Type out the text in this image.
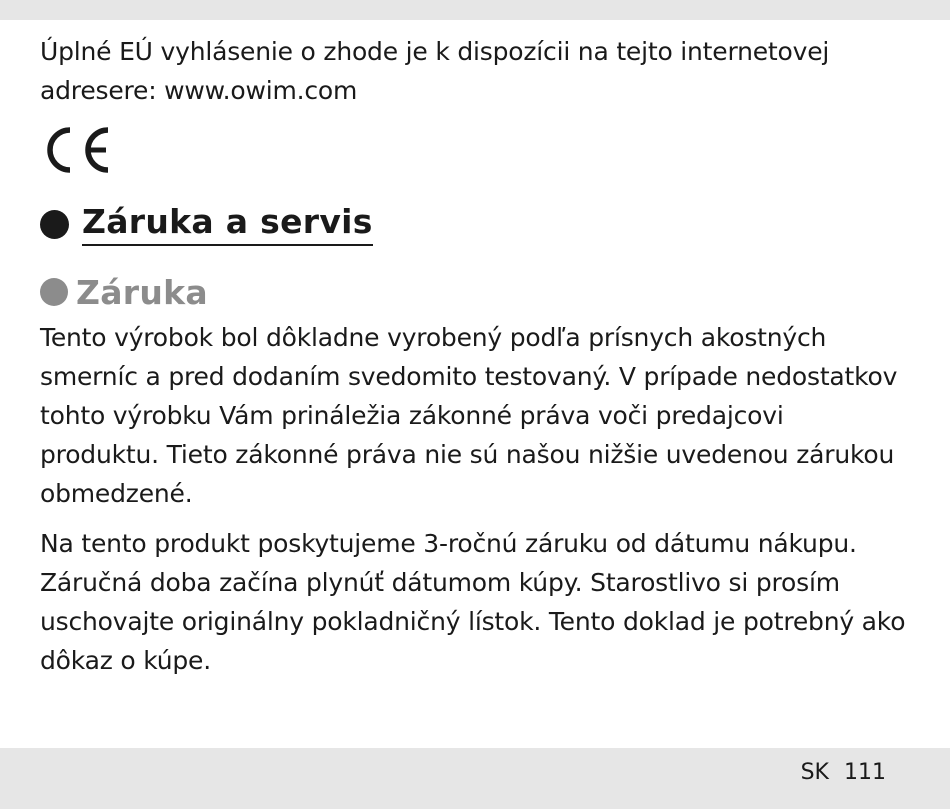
Úplné EÚ vyhlásenie o zhode je k dispozícii na tejto internetovej adresere: www.owim.com

Záruka a servis
Záruka

Tento výrobok bol dôkladne vyrobený podľa prísnych akostných smerníc a pred dodaním svedomito testovaný. V prípade nedostatkov tohto výrobku Vám prináležia zákonné práva voči predajcovi produktu. Tieto zákonné práva nie sú našou nižšie uvedenou zárukou obmedzené.

Na tento produkt poskytujeme 3-ročnú záruku od dátumu nákupu. Záručná doba začína plynúť dátumom kúpy. Starostlivo si prosím uschovajte originálny pokladničný lístok. Tento doklad je potrebný ako dôkaz o kúpe.

SK 111
